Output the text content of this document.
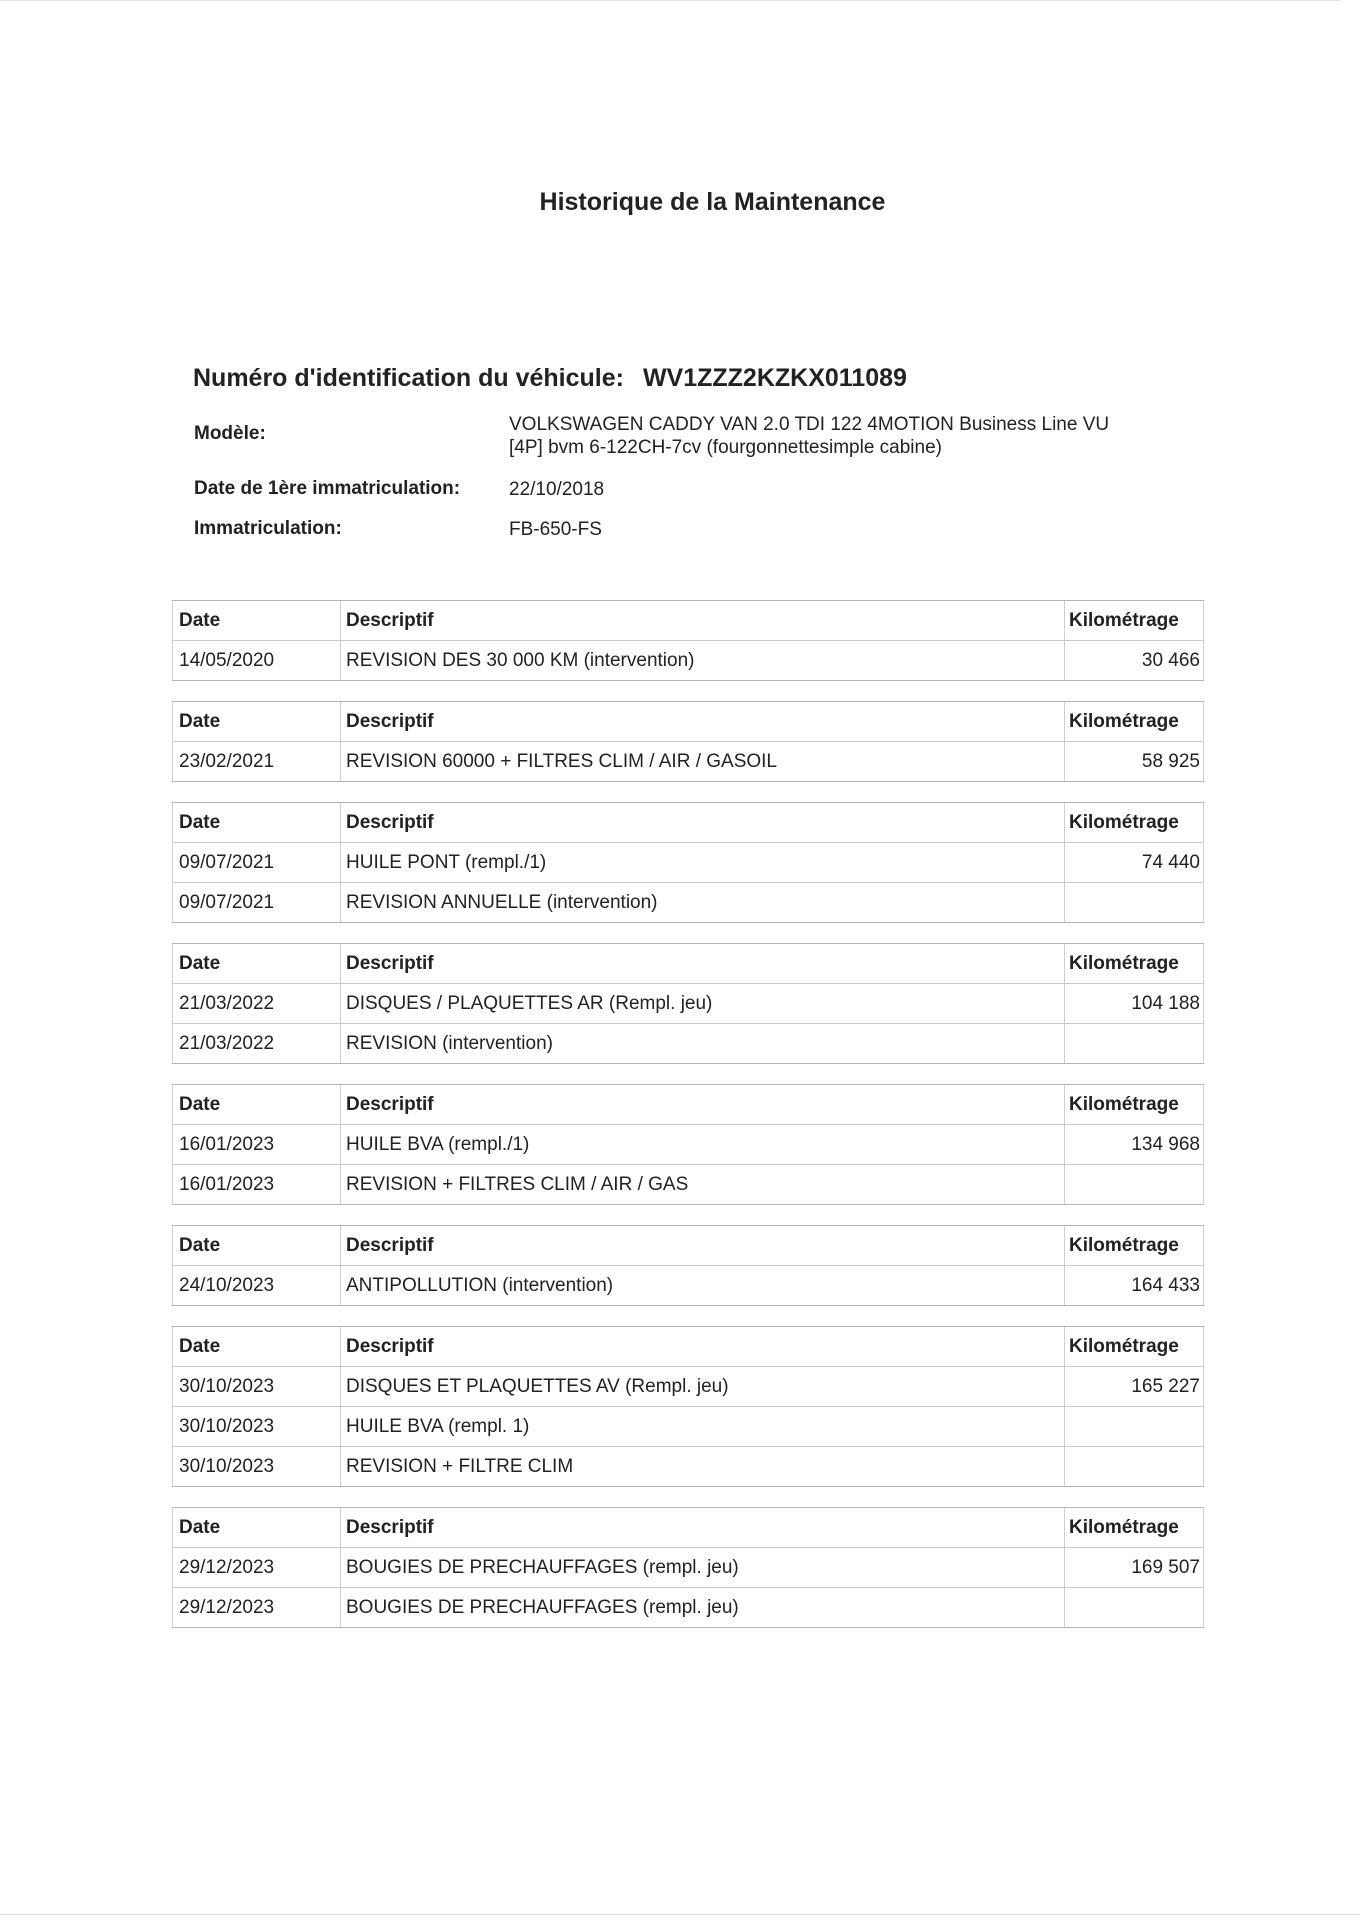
Historique de la Maintenance
Numéro d'identification du véhicule: WV1ZZZ2KZKX011089
Modèle:	VOLKSWAGEN CADDY VAN 2.0 TDI 122 4MOTION Business Line VU
[4P] bvm 6-122CH-7cv (fourgonnettesimple cabine)
Date de 1ère immatriculation:	22/10/2018
Immatriculation:	FB-650-FS
Date	Descriptif	Kilométrage
14/05/2020	REVISION DES 30 000 KM (intervention)	30 466
Date	Descriptif	Kilométrage
23/02/2021	REVISION 60000 + FILTRES CLIM / AIR / GASOIL	58 925
Date	Descriptif	Kilométrage
09/07/2021	HUILE PONT (rempl./1)	74 440
09/07/2021	REVISION ANNUELLE (intervention)
Date	Descriptif	Kilométrage
21/03/2022	DISQUES / PLAQUETTES AR (Rempl. jeu)	104 188
21/03/2022	REVISION (intervention)
Date	Descriptif	Kilométrage
16/01/2023	HUILE BVA (rempl./1)	134 968
16/01/2023	REVISION + FILTRES CLIM / AIR / GAS
Date	Descriptif	Kilométrage
24/10/2023	ANTIPOLLUTION (intervention)	164 433
Date	Descriptif	Kilométrage
30/10/2023	DISQUES ET PLAQUETTES AV (Rempl. jeu)	165 227
30/10/2023	HUILE BVA (rempl. 1)
30/10/2023	REVISION + FILTRE CLIM
Date	Descriptif	Kilométrage
29/12/2023	BOUGIES DE PRECHAUFFAGES (rempl. jeu)	169 507
29/12/2023	BOUGIES DE PRECHAUFFAGES (rempl. jeu)
